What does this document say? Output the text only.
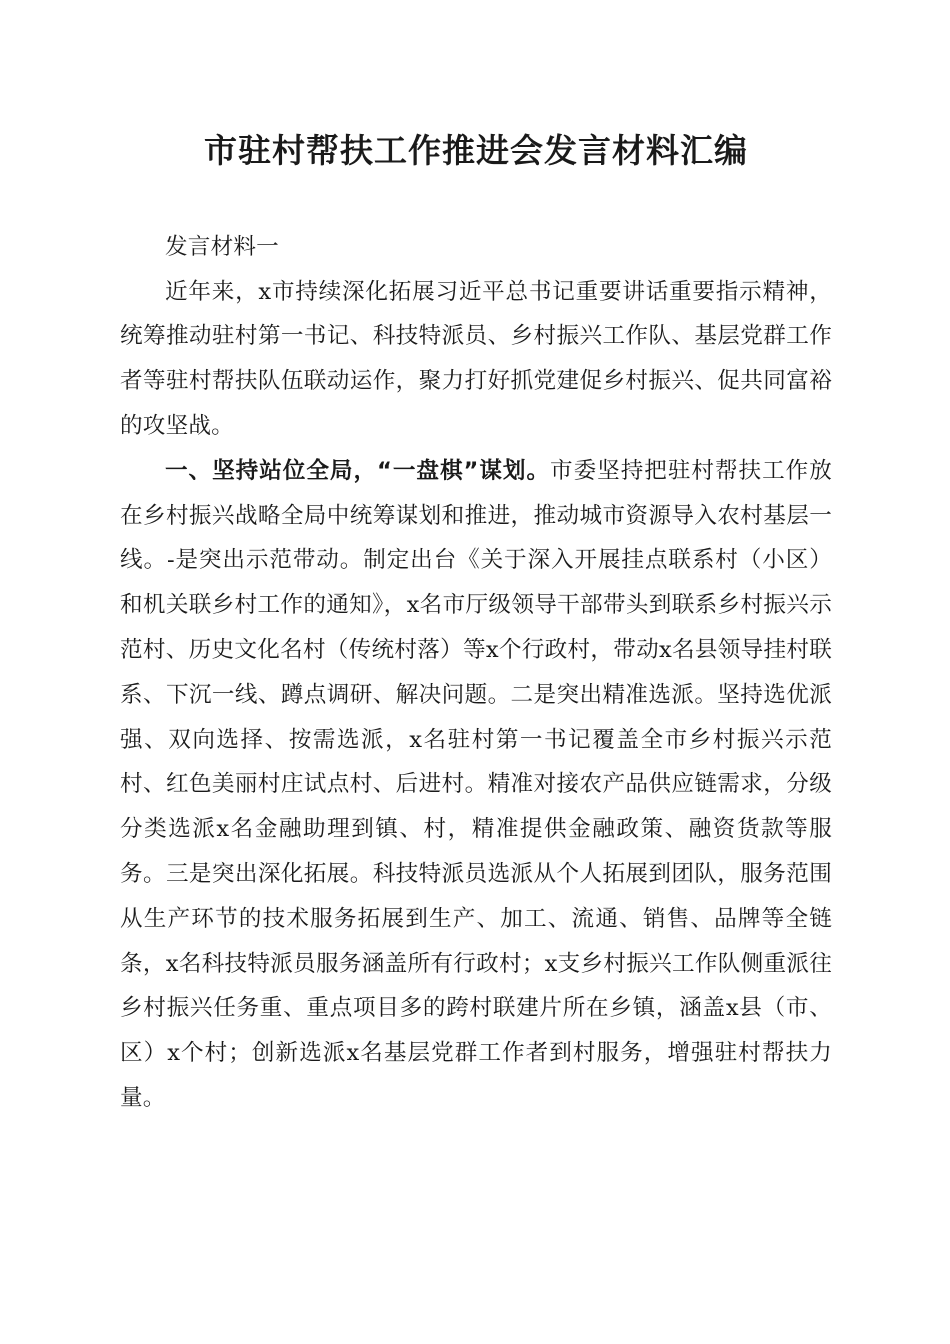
市驻村帮扶工作推进会发言材料汇编

发言材料一

近年来，x市持续深化拓展习近平总书记重要讲话重要指示精神，统筹推动驻村第一书记、科技特派员、乡村振兴工作队、基层党群工作者等驻村帮扶队伍联动运作，聚力打好抓党建促乡村振兴、促共同富裕的攻坚战。

一、坚持站位全局，“一盘棋”谋划。市委坚持把驻村帮扶工作放在乡村振兴战略全局中统筹谋划和推进，推动城市资源导入农村基层一线。-是突出示范带动。制定出台《关于深入开展挂点联系村（小区）和机关联乡村工作的通知》，x名市厅级领导干部带头到联系乡村振兴示范村、历史文化名村（传统村落）等x个行政村，带动x名县领导挂村联系、下沉一线、蹲点调研、解决问题。二是突出精准选派。坚持选优派强、双向选择、按需选派，x名驻村第一书记覆盖全市乡村振兴示范村、红色美丽村庄试点村、后进村。精准对接农产品供应链需求，分级分类选派x名金融助理到镇、村，精准提供金融政策、融资货款等服务。三是突出深化拓展。科技特派员选派从个人拓展到团队，服务范围从生产环节的技术服务拓展到生产、加工、流通、销售、品牌等全链条，x名科技特派员服务涵盖所有行政村；x支乡村振兴工作队侧重派往乡村振兴任务重、重点项目多的跨村联建片所在乡镇，涵盖x县（市、区）x个村；创新选派x名基层党群工作者到村服务，增强驻村帮扶力量。
